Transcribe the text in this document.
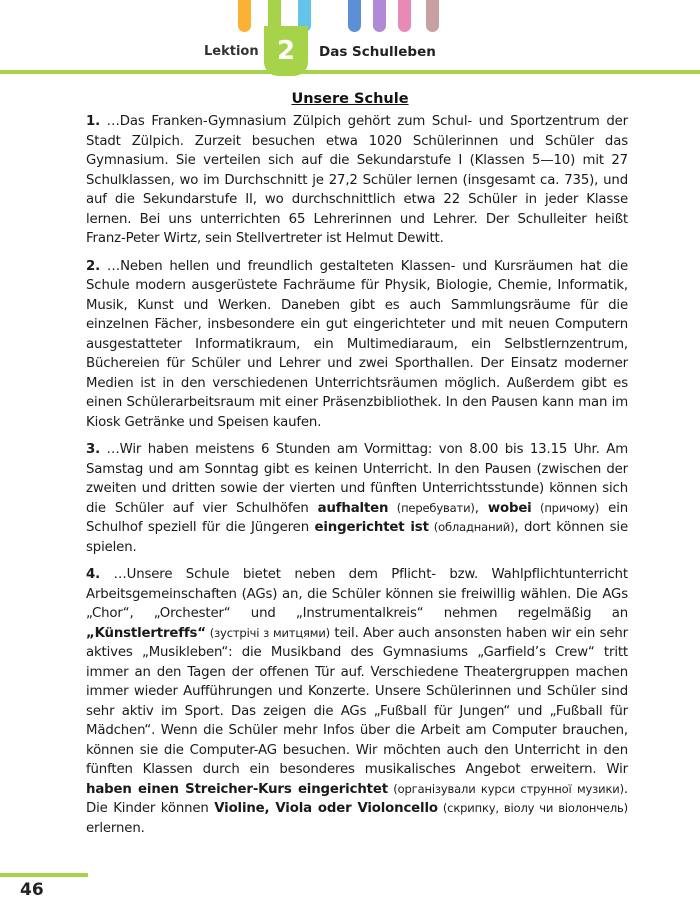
2
Lektion	Das Schulleben
Unsere Schule

1. …Das Franken-Gymnasium Zülpich gehört zum Schul- und Sportzentrum der Stadt Zülpich. Zurzeit besuchen etwa 1020 Schülerinnen und Schüler das Gymnasium. Sie verteilen sich auf die Sekundarstufe I (Klassen 5—10) mit 27 Schulklassen, wo im Durchschnitt je 27,2 Schüler lernen (insgesamt ca. 735), und auf die Sekundarstufe II, wo durchschnittlich etwa 22 Schüler in jeder Klasse lernen. Bei uns unterrichten 65 Lehrerinnen und Lehrer. Der Schulleiter heißt Franz-Peter Wirtz, sein Stellvertreter ist Helmut Dewitt.

2. …Neben hellen und freundlich gestalteten Klassen- und Kursräumen hat die Schule modern ausgerüstete Fachräume für Physik, Biologie, Chemie, Informatik, Musik, Kunst und Werken. Daneben gibt es auch Sammlungsräume für die einzelnen Fächer, insbesondere ein gut eingerichteter und mit neuen Computern ausgestatteter Informatikraum, ein Multimediaraum, ein Selbstlernzentrum, Büchereien für Schüler und Lehrer und zwei Sporthallen. Der Einsatz moderner Medien ist in den verschiedenen Unterrichtsräumen möglich. Außerdem gibt es einen Schülerarbeitsraum mit einer Präsenzbibliothek. In den Pausen kann man im Kiosk Getränke und Speisen kaufen.

3. …Wir haben meistens 6 Stunden am Vormittag: von 8.00 bis 13.15 Uhr. Am Samstag und am Sonntag gibt es keinen Unterricht. In den Pausen (zwischen der zweiten und dritten sowie der vierten und fünften Unterrichtsstunde) können sich die Schüler auf vier Schulhöfen aufhalten (перебувати), wobei (причому) ein Schulhof speziell für die Jüngeren eingerichtet ist (обладнаний), dort können sie spielen.

4. …Unsere Schule bietet neben dem Pflicht- bzw. Wahlpflichtunterricht Arbeitsgemeinschaften (AGs) an, die Schüler können sie freiwillig wählen. Die AGs „Chor“, „Orchester“ und „Instrumentalkreis“ nehmen regelmäßig an „Künstlertreffs“ (зустрічі з митцями) teil. Aber auch ansonsten haben wir ein sehr aktives „Musikleben“: die Musikband des Gymnasiums „Garfield’s Crew“ tritt immer an den Tagen der offenen Tür auf. Verschiedene Theatergruppen machen immer wieder Aufführungen und Konzerte. Unsere Schülerinnen und Schüler sind sehr aktiv im Sport. Das zeigen die AGs „Fußball für Jungen“ und „Fußball für Mädchen“. Wenn die Schüler mehr Infos über die Arbeit am Computer brauchen, können sie die Computer-AG besuchen. Wir möchten auch den Unterricht in den fünften Klassen durch ein besonderes musikalisches Angebot erweitern. Wir haben einen Streicher-Kurs eingerichtet (організували курси струнної музики). Die Kinder können Violine, Viola oder Violoncello (скрипку, віолу чи віолончель) erlernen.

46
